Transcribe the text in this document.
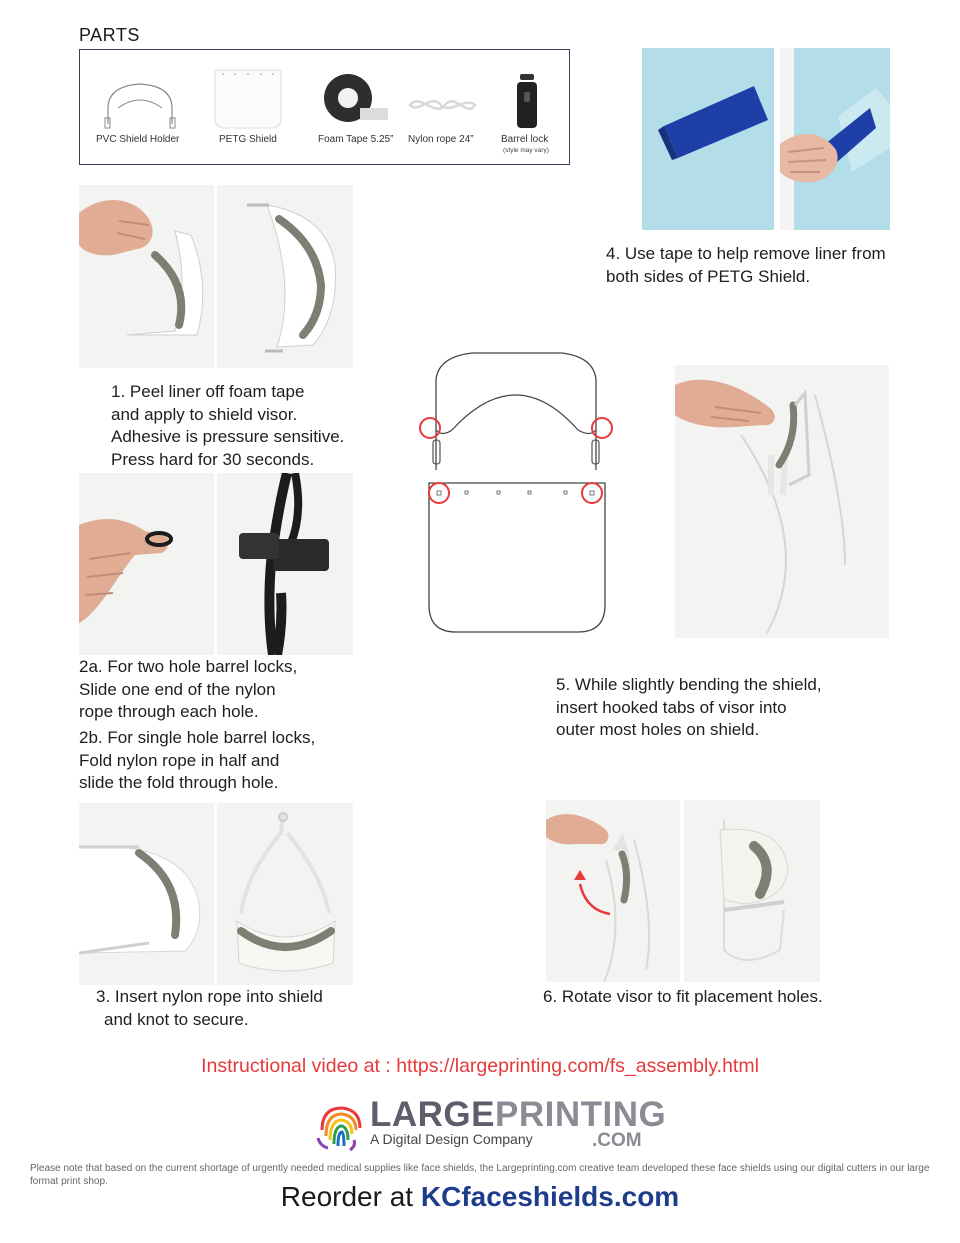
PARTS
PVC Shield Holder	PETG Shield	Foam Tape 5.25” Nylon rope 24”	Barrel lock
(style may vary)
4. Use tape to help remove liner from
both sides of PETG Shield.
1. Peel liner off foam tape
and apply to shield visor.
Adhesive is pressure sensitive.
Press hard for 30 seconds.
2a. For two hole barrel locks,
Slide one end of the nylon
rope through each hole.
2b. For single hole barrel locks,
Fold nylon rope in half and
slide the fold through hole.
5. While slightly bending the shield,
insert hooked tabs of visor into
outer most holes on shield.
3. Insert nylon rope into shield
and knot to secure.
6. Rotate visor to fit placement holes.
Instructional video at : https://largeprinting.com/fs_assembly.html
LARGEPRINTING
A Digital Design Company	.COM
Please note that based on the current shortage of urgently needed medical supplies like face shields, the Largeprinting.com creative team developed these face shields using our digital cutters in our large format print shop.	Reorder at KCfaceshields.com
